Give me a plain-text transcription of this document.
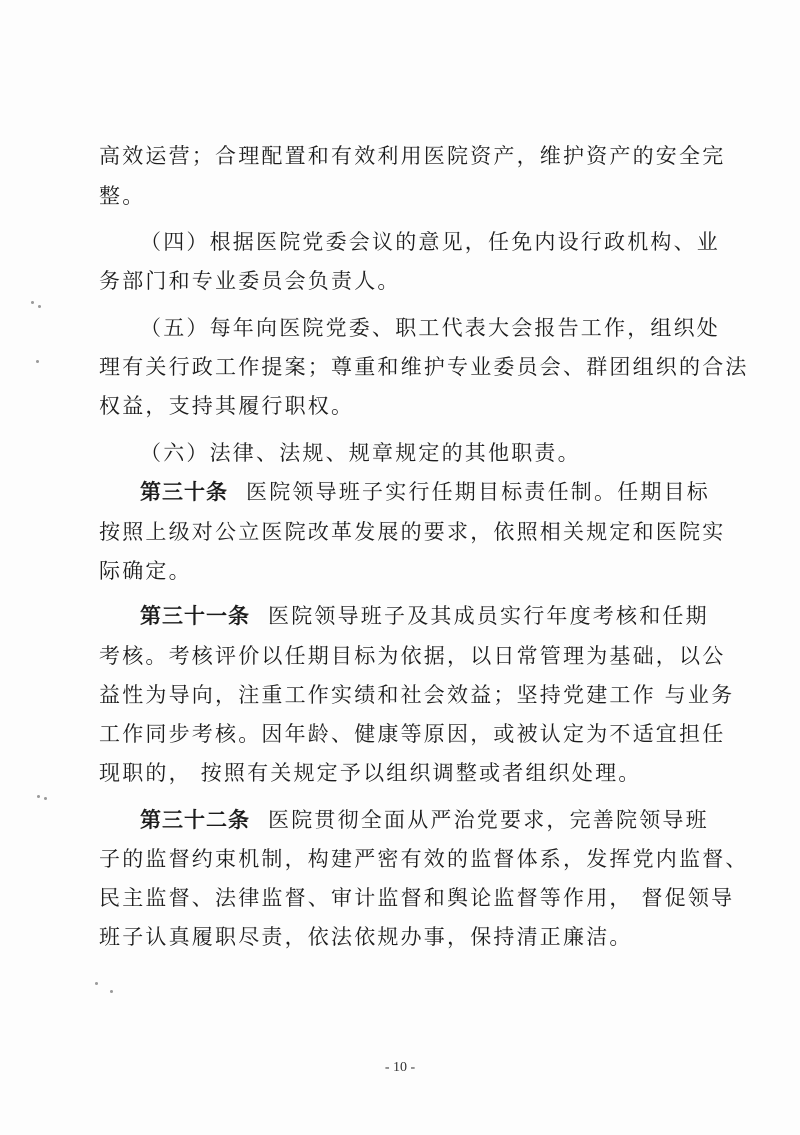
高效运营；合理配置和有效利用医院资产，维护资产的安全完
整。
（四）根据医院党委会议的意见，任免内设行政机构、业
务部门和专业委员会负责人。
（五）每年向医院党委、职工代表大会报告工作，组织处
理有关行政工作提案；尊重和维护专业委员会、群团组织的合法
权益，支持其履行职权。
（六）法律、法规、规章规定的其他职责。
第三十条 医院领导班子实行任期目标责任制。任期目标
按照上级对公立医院改革发展的要求，依照相关规定和医院实
际确定。
第三十一条 医院领导班子及其成员实行年度考核和任期
考核。考核评价以任期目标为依据，以日常管理为基础，以公
益性为导向，注重工作实绩和社会效益；坚持党建工作 与业务
工作同步考核。因年龄、健康等原因，或被认定为不适宜担任
现职的， 按照有关规定予以组织调整或者组织处理。
第三十二条 医院贯彻全面从严治党要求，完善院领导班
子的监督约束机制，构建严密有效的监督体系，发挥党内监督、
民主监督、法律监督、审计监督和舆论监督等作用， 督促领导
班子认真履职尽责，依法依规办事，保持清正廉洁。
- 10 -
